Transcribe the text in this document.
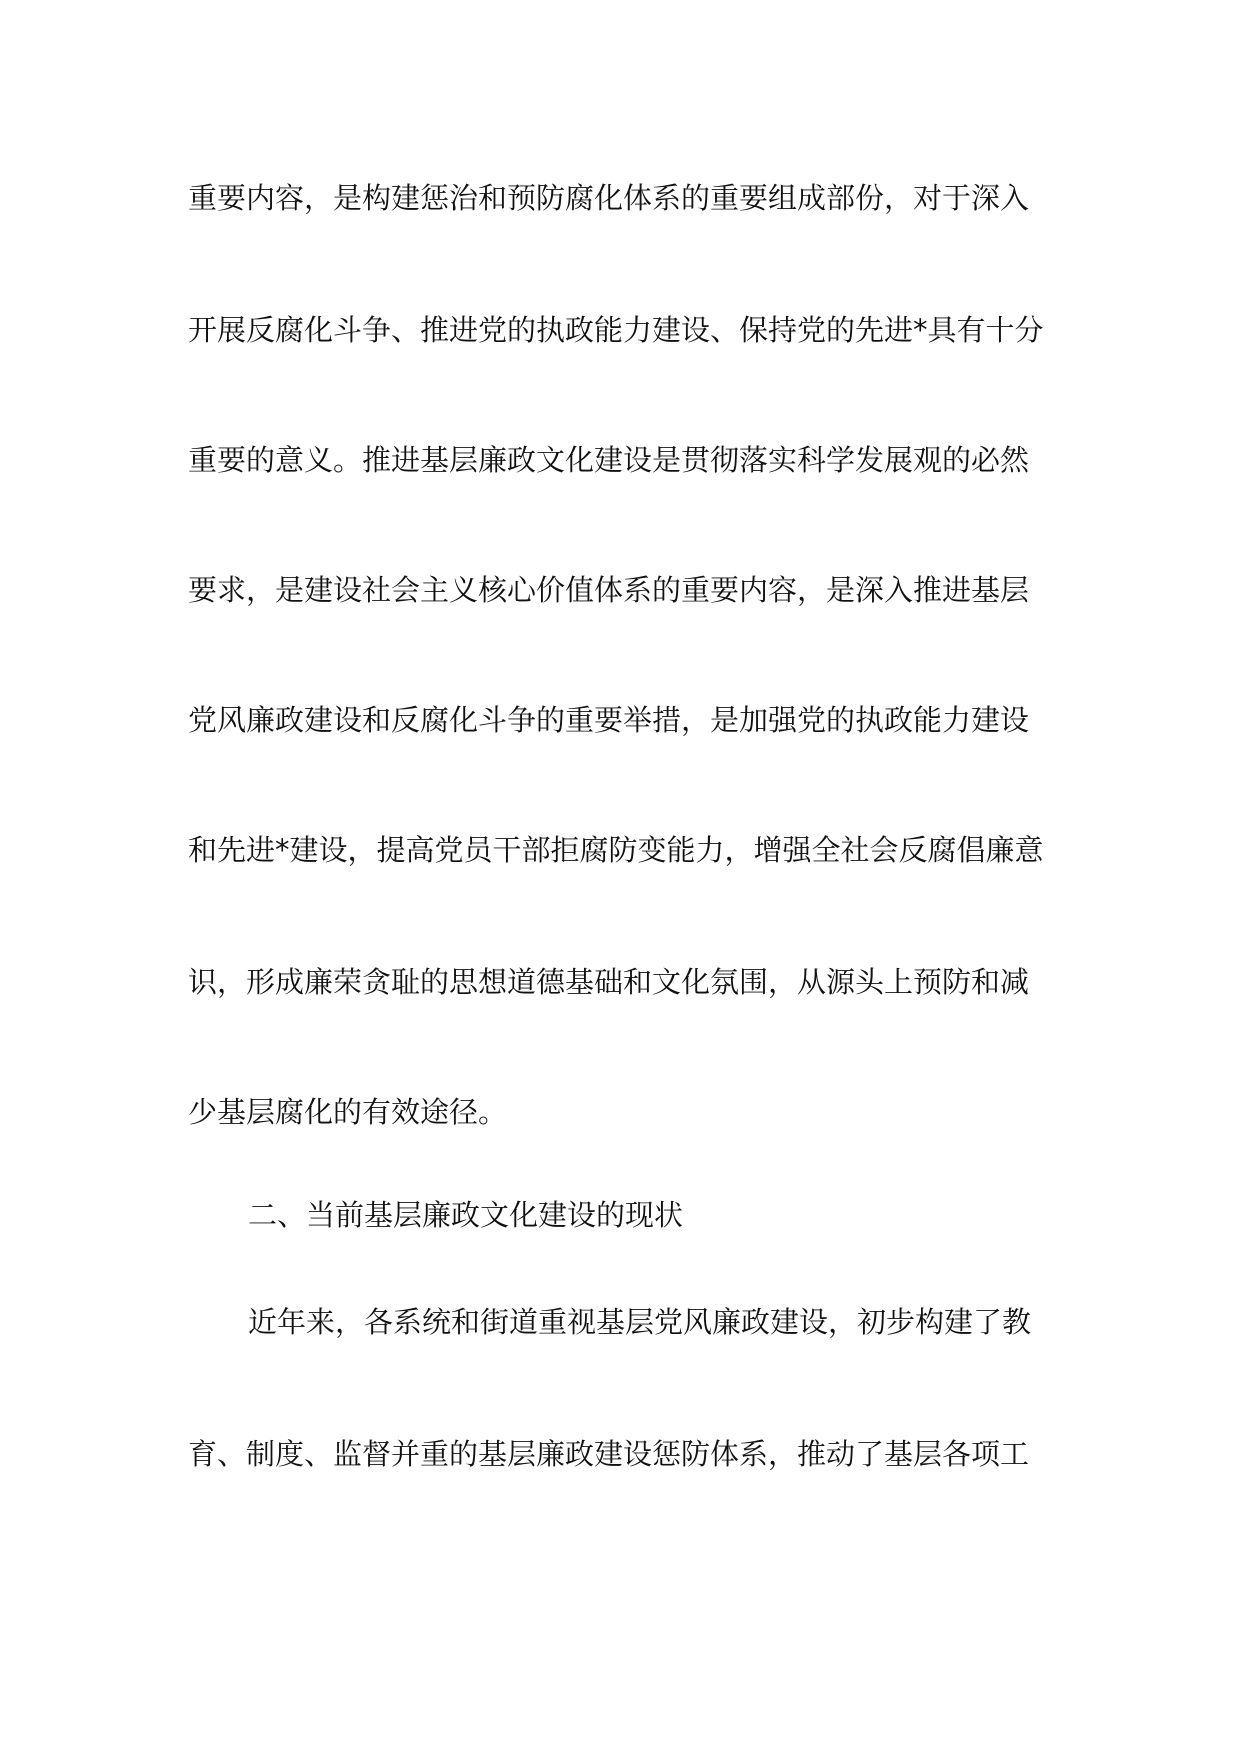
重要内容，是构建惩治和预防腐化体系的重要组成部份，对于深入
开展反腐化斗争、推进党的执政能力建设、保持党的先进*具有十分
重要的意义。推进基层廉政文化建设是贯彻落实科学发展观的必然
要求，是建设社会主义核心价值体系的重要内容，是深入推进基层
党风廉政建设和反腐化斗争的重要举措，是加强党的执政能力建设
和先进*建设，提高党员干部拒腐防变能力，增强全社会反腐倡廉意
识，形成廉荣贪耻的思想道德基础和文化氛围，从源头上预防和减
少基层腐化的有效途径。
二、当前基层廉政文化建设的现状
近年来，各系统和街道重视基层党风廉政建设，初步构建了教
育、制度、监督并重的基层廉政建设惩防体系，推动了基层各项工
